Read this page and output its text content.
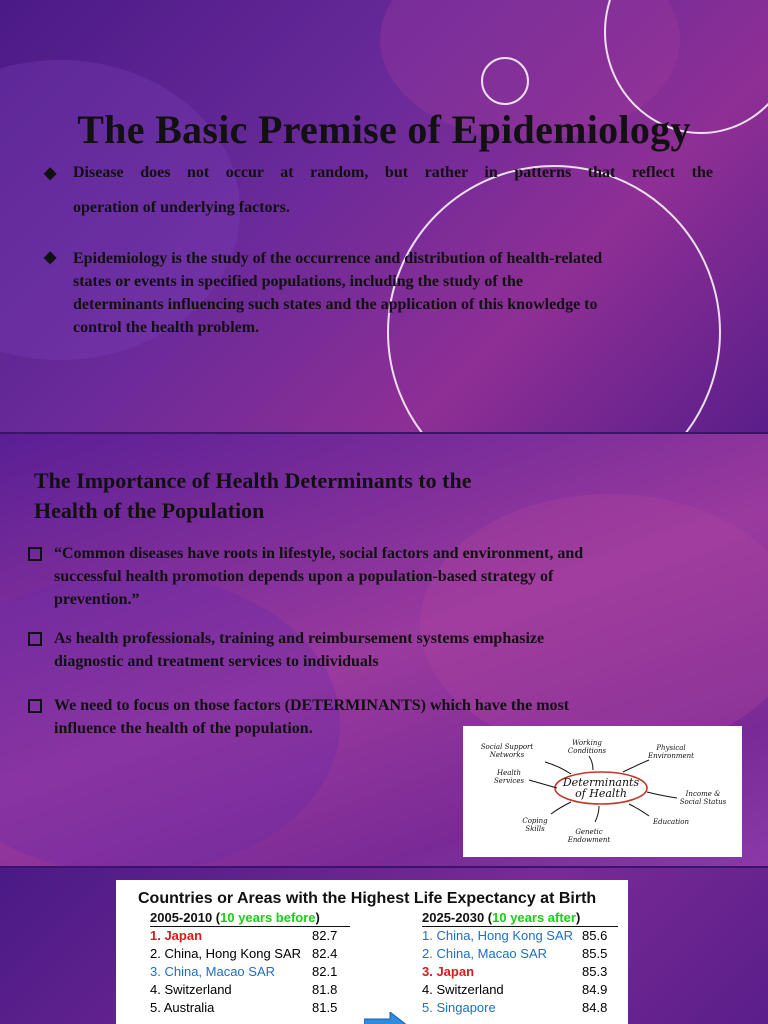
The Basic Premise of Epidemiology
◆ Disease does not occur at random, but rather in patterns that reflect the
operation of underlying factors.
◆ Epidemiology is the study of the occurrence and distribution of health-related
states or events in specified populations, including the study of the
determinants influencing such states and the application of this knowledge to
control the health problem.
The Importance of Health Determinants to the
Health of the Population
“Common diseases have roots in lifestyle, social factors and environment, and
successful health promotion depends upon a population-based strategy of
prevention.”
As health professionals, training and reimbursement systems emphasize
diagnostic and treatment services to individuals
We need to focus on those factors (DETERMINANTS) which have the most
influence the health of the population.
Determinants
of Health
Social Support
Networks
Working
Conditions	Physical
Environment
Health
Services
Income &
Social Status
Coping
Skills	Genetic
Endowment
Education
Countries or Areas with the Highest Life Expectancy at Birth
2005-2010 (10 years before)
1. Japan	82.7
2. China, Hong Kong SAR 82.4
3. China, Macao SAR	82.1
4. Switzerland	81.8
5. Australia	81.5
2025-2030 (10 years after)
1. China, Hong Kong SAR 85.6
2. China, Macao SAR	85.5
3. Japan	85.3
4. Switzerland	84.9
5. Singapore	84.8
